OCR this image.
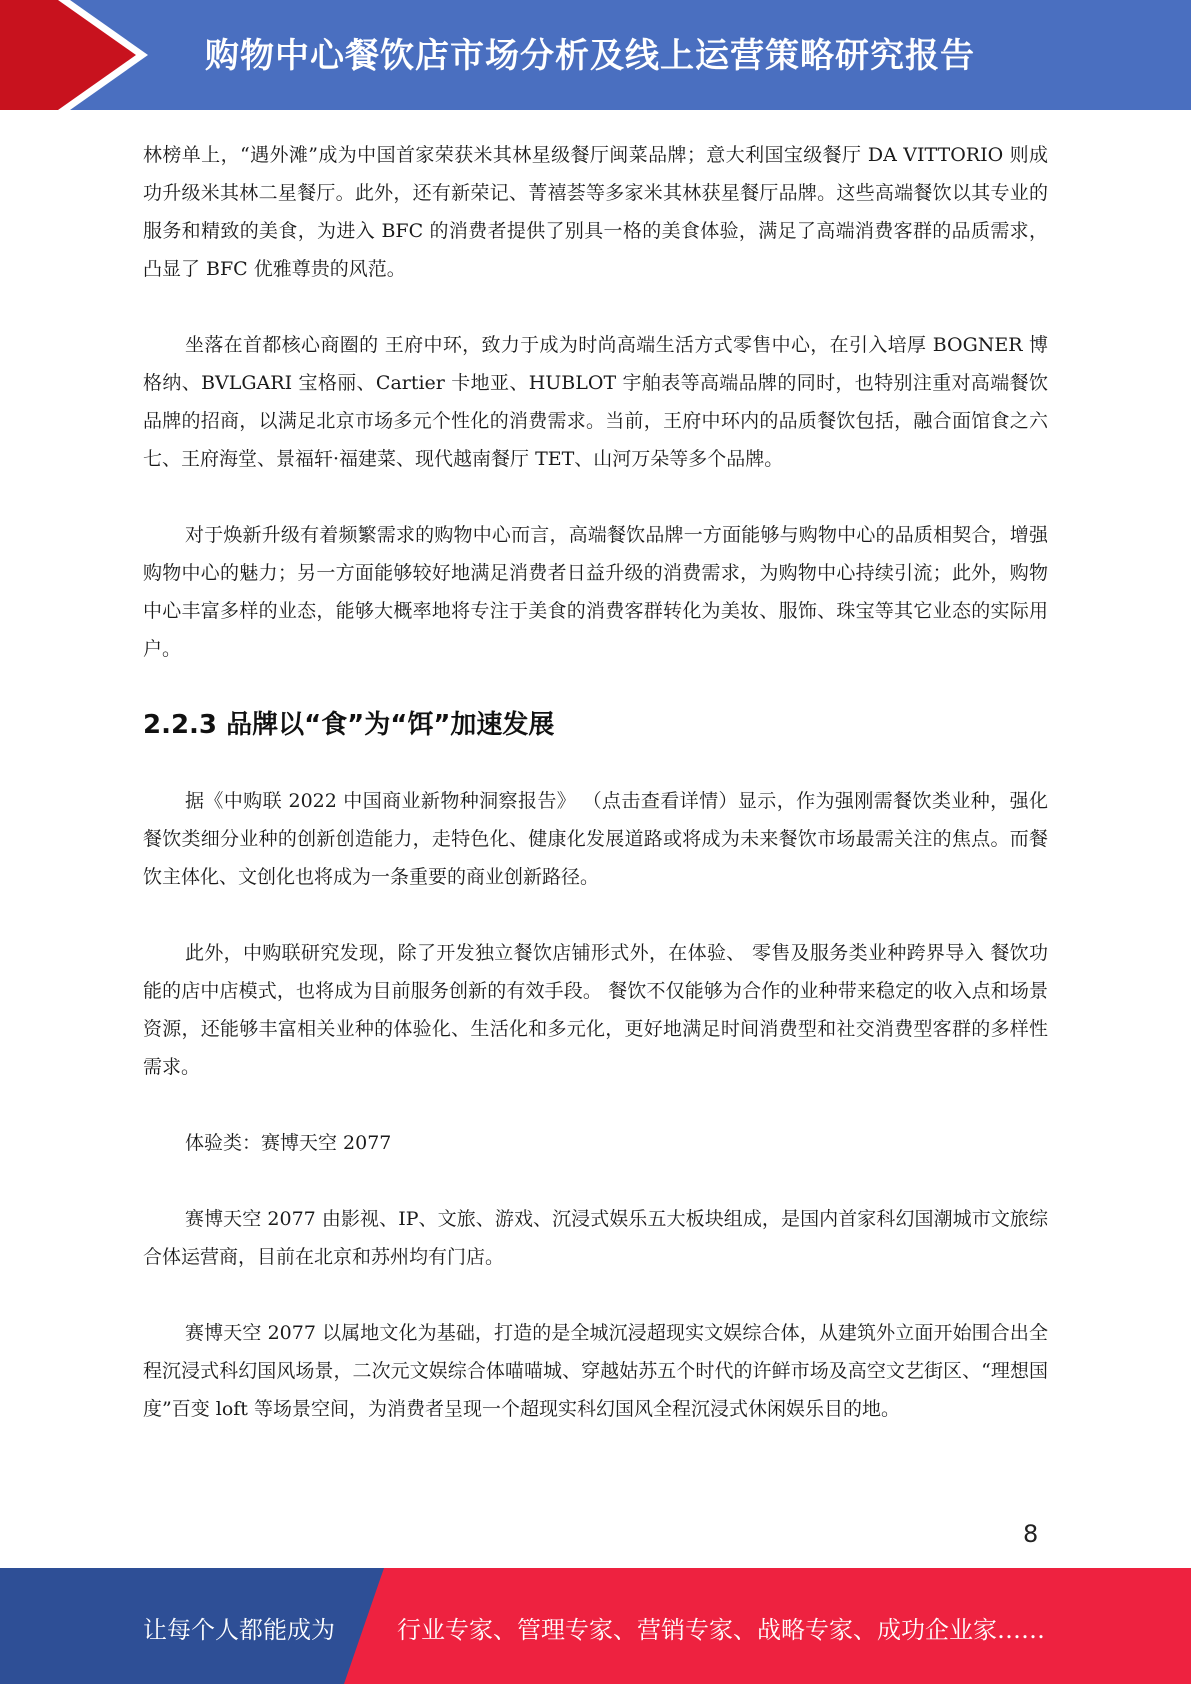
购物中心餐饮店市场分析及线上运营策略研究报告

林榜单上，“遇外滩”成为中国首家荣获米其林星级餐厅闽菜品牌；意大利国宝级餐厅 DA VITTORIO 则成功升级米其林二星餐厅。此外，还有新荣记、菁禧荟等多家米其林获星餐厅品牌。这些高端餐饮以其专业的服务和精致的美食，为进入 BFC 的消费者提供了别具一格的美食体验，满足了高端消费客群的品质需求，凸显了 BFC 优雅尊贵的风范。

坐落在首都核心商圈的 王府中环，致力于成为时尚高端生活方式零售中心，在引入培厚 BOGNER 博格纳、BVLGARI 宝格丽、Cartier 卡地亚、HUBLOT 宇舶表等高端品牌的同时，也特别注重对高端餐饮品牌的招商，以满足北京市场多元个性化的消费需求。当前，王府中环内的品质餐饮包括，融合面馆食之六七、王府海堂、景福轩·福建菜、现代越南餐厅 TET、山河万朵等多个品牌。

对于焕新升级有着频繁需求的购物中心而言，高端餐饮品牌一方面能够与购物中心的品质相契合，增强购物中心的魅力；另一方面能够较好地满足消费者日益升级的消费需求，为购物中心持续引流；此外，购物中心丰富多样的业态，能够大概率地将专注于美食的消费客群转化为美妆、服饰、珠宝等其它业态的实际用户。

2.2.3 品牌以“食”为“饵”加速发展

据《中购联 2022 中国商业新物种洞察报告》 （点击查看详情）显示，作为强刚需餐饮类业种，强化餐饮类细分业种的创新创造能力，走特色化、健康化发展道路或将成为未来餐饮市场最需关注的焦点。而餐饮主体化、文创化也将成为一条重要的商业创新路径。

此外，中购联研究发现，除了开发独立餐饮店铺形式外，在体验、 零售及服务类业种跨界导入 餐饮功能的店中店模式，也将成为目前服务创新的有效手段。 餐饮不仅能够为合作的业种带来稳定的收入点和场景资源，还能够丰富相关业种的体验化、生活化和多元化，更好地满足时间消费型和社交消费型客群的多样性需求。

体验类：赛博天空 2077

赛博天空 2077 由影视、IP、文旅、游戏、沉浸式娱乐五大板块组成，是国内首家科幻国潮城市文旅综合体运营商，目前在北京和苏州均有门店。

赛博天空 2077 以属地文化为基础，打造的是全城沉浸超现实文娱综合体，从建筑外立面开始围合出全程沉浸式科幻国风场景，二次元文娱综合体喵喵城、穿越姑苏五个时代的许鲜市场及高空文艺街区、“理想国度”百变 loft 等场景空间，为消费者呈现一个超现实科幻国风全程沉浸式休闲娱乐目的地。

8
让每个人都能成为	行业专家、管理专家、营销专家、战略专家、成功企业家……
